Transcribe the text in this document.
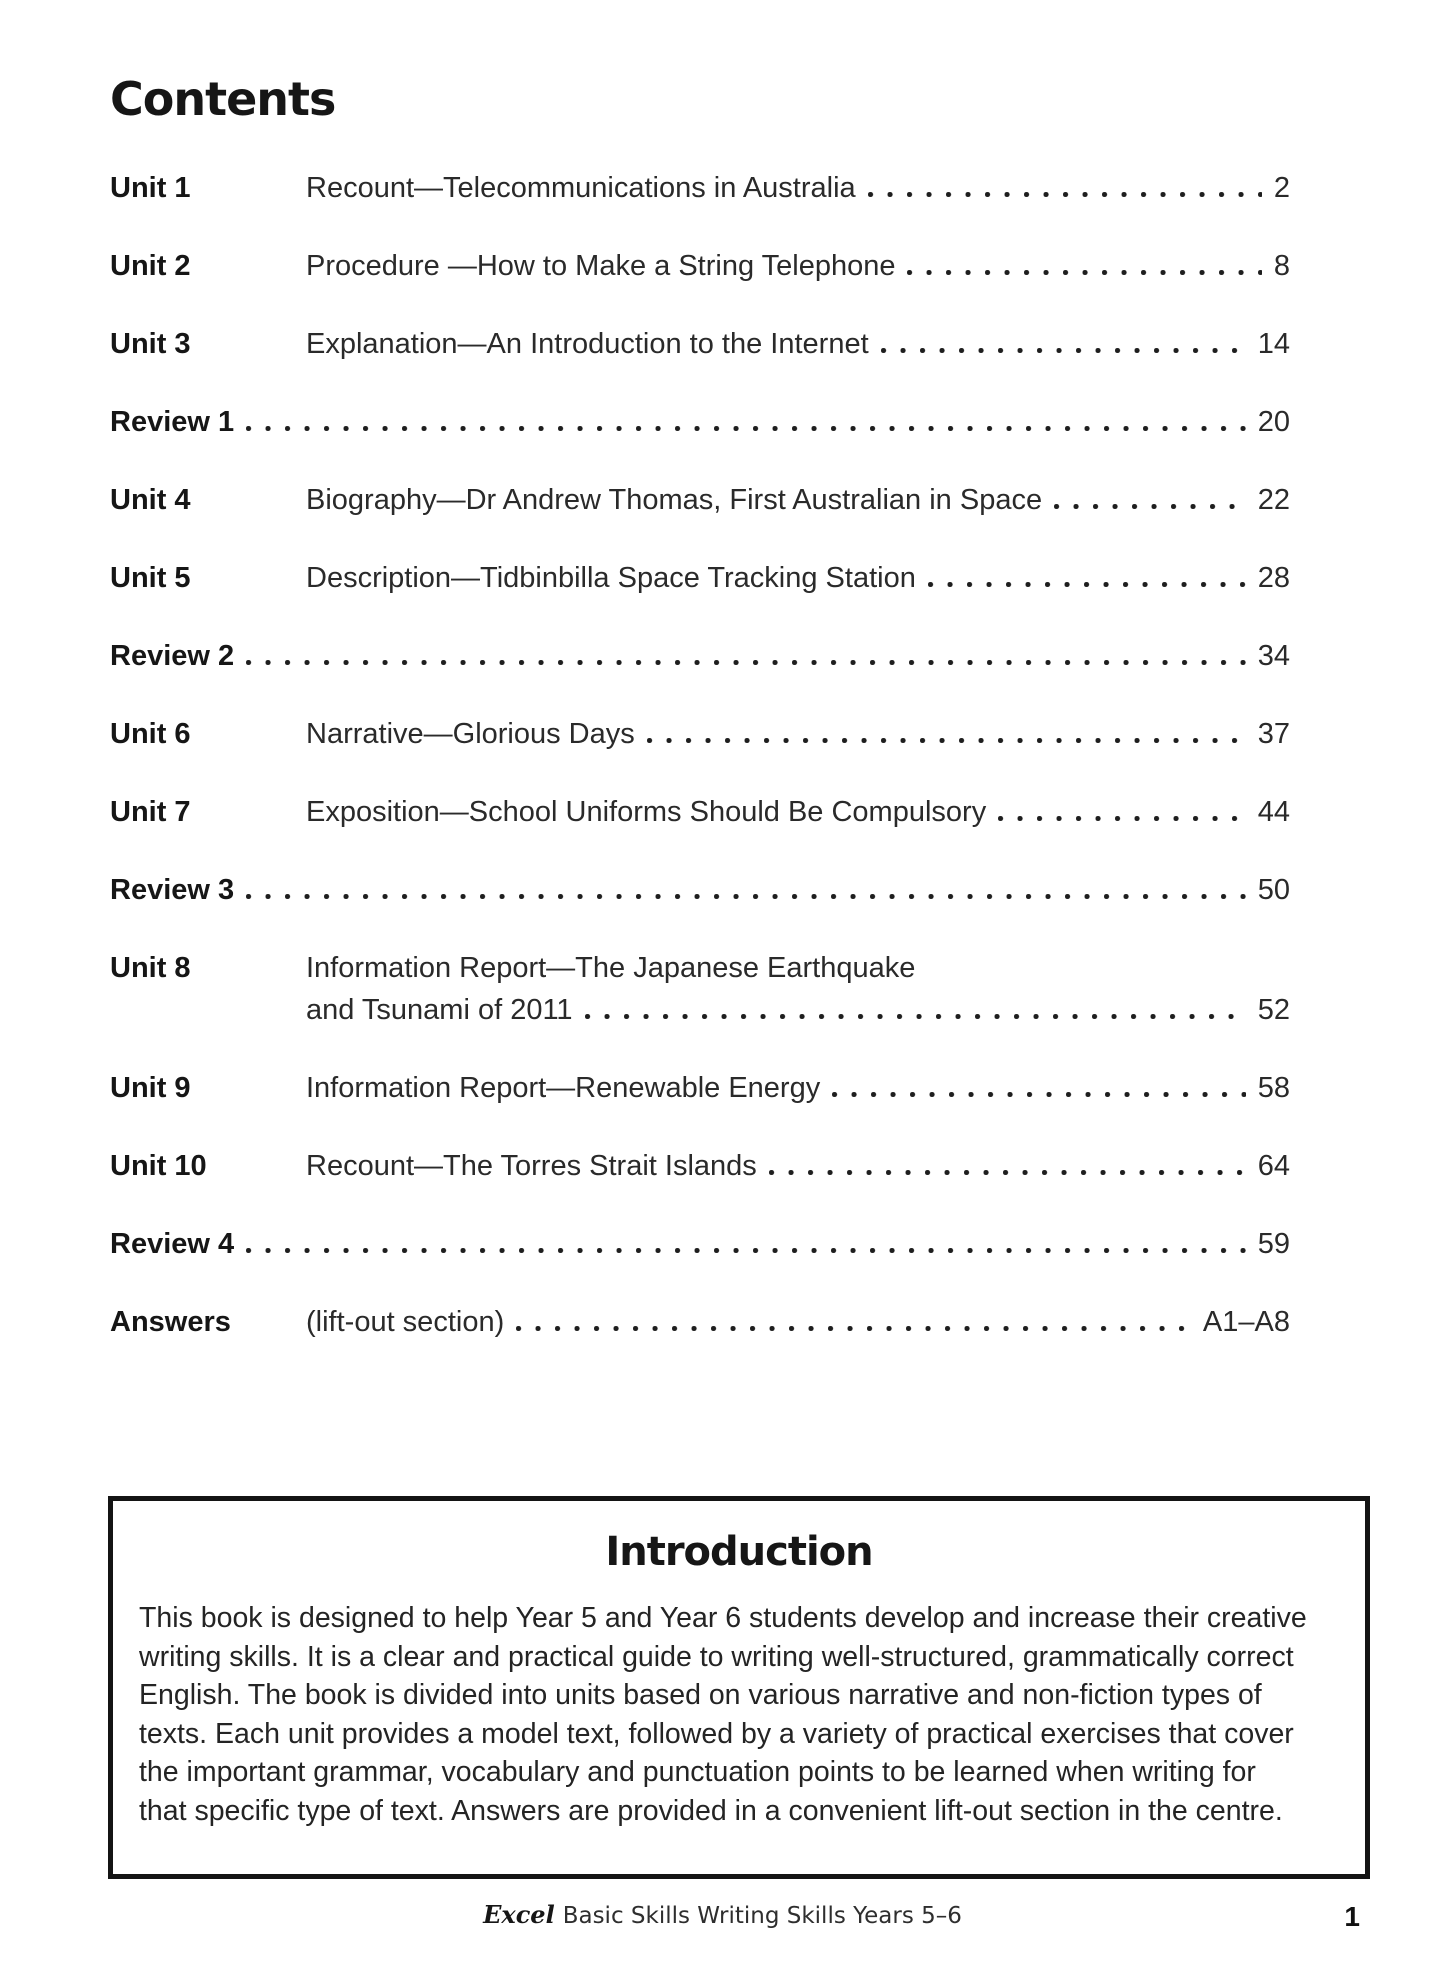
Contents
Unit 1	Recount—Telecommunications in Australia	2
Unit 2	Procedure —How to Make a String Telephone	8
Unit 3	Explanation—An Introduction to the Internet	14
Review 1	20
Unit 4	Biography—Dr Andrew Thomas, First Australian in Space	22
Unit 5	Description—Tidbinbilla Space Tracking Station	28
Review 2	34
Unit 6	Narrative—Glorious Days	37
Unit 7	Exposition—School Uniforms Should Be Compulsory	44
Review 3	50
Unit 8	Information Report—The Japanese Earthquake
and Tsunami of 2011	52
Unit 9	Information Report—Renewable Energy	58
Unit 10	Recount—The Torres Strait Islands	64
Review 4	59
Answers	(lift-out section)	A1–A8
Introduction
This book is designed to help Year 5 and Year 6 students develop and increase their creative
writing skills. It is a clear and practical guide to writing well-structured, grammatically correct
English. The book is divided into units based on various narrative and non-fiction types of
texts. Each unit provides a model text, followed by a variety of practical exercises that cover
the important grammar, vocabulary and punctuation points to be learned when writing for
that specific type of text. Answers are provided in a convenient lift-out section in the centre.
Excel Basic Skills Writing Skills Years 5–6	1
